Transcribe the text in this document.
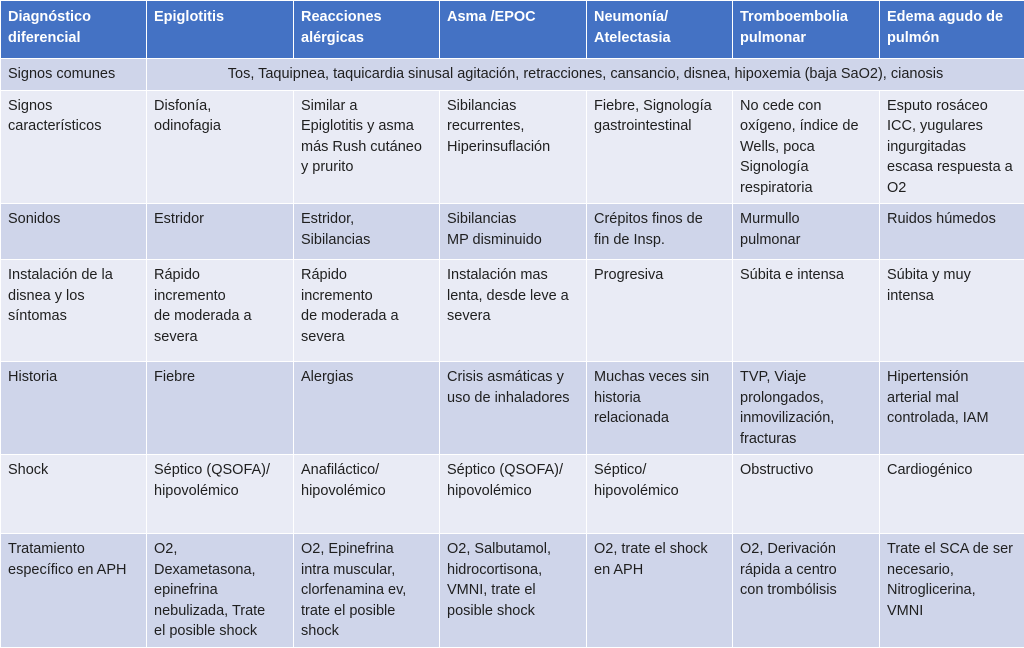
Diagnóstico
diferencial	Epiglotitis	Reacciones
alérgicas	Asma /EPOC	Neumonía/
Atelectasia	Tromboembolia
pulmonar	Edema agudo de
pulmón

Signos comunes	Tos, Taquipnea, taquicardia sinusal agitación, retracciones, cansancio, disnea, hipoxemia (baja SaO2), cianosis					

Signos
característicos	Disfonía,
odinofagia	Similar a
Epiglotitis y asma
más Rush cutáneo
y prurito	Sibilancias
recurrentes,
Hiperinsuflación	Fiebre, Signología
gastrointestinal	No cede con
oxígeno, índice de
Wells, poca
Signología
respiratoria	Esputo rosáceo
ICC, yugulares
ingurgitadas
escasa respuesta a
O2

Sonidos	Estridor	Estridor,
Sibilancias	Sibilancias
MP disminuido	Crépitos finos de
fin de Insp.	Murmullo
pulmonar	Ruidos húmedos

Instalación de la
disnea y los
síntomas	Rápido
incremento
de moderada a
severa	Rápido
incremento
de moderada a
severa	Instalación mas
lenta, desde leve a
severa	Progresiva	Súbita e intensa	Súbita y muy
intensa

Historia	Fiebre	Alergias	Crisis asmáticas y
uso de inhaladores	Muchas veces sin
historia
relacionada	TVP, Viaje
prolongados,
inmovilización,
fracturas	Hipertensión
arterial mal
controlada, IAM

Shock	Séptico (QSOFA)/
hipovolémico	Anafiláctico/
hipovolémico	Séptico (QSOFA)/
hipovolémico	Séptico/
hipovolémico	Obstructivo	Cardiogénico

Tratamiento
específico en APH	O2,
Dexametasona,
epinefrina
nebulizada, Trate
el posible shock	O2, Epinefrina
intra muscular,
clorfenamina ev,
trate el posible
shock	O2, Salbutamol,
hidrocortisona,
VMNI, trate el
posible shock	O2, trate el shock
en APH	O2, Derivación
rápida a centro
con trombólisis	Trate el SCA de ser
necesario,
Nitroglicerina,
VMNI
